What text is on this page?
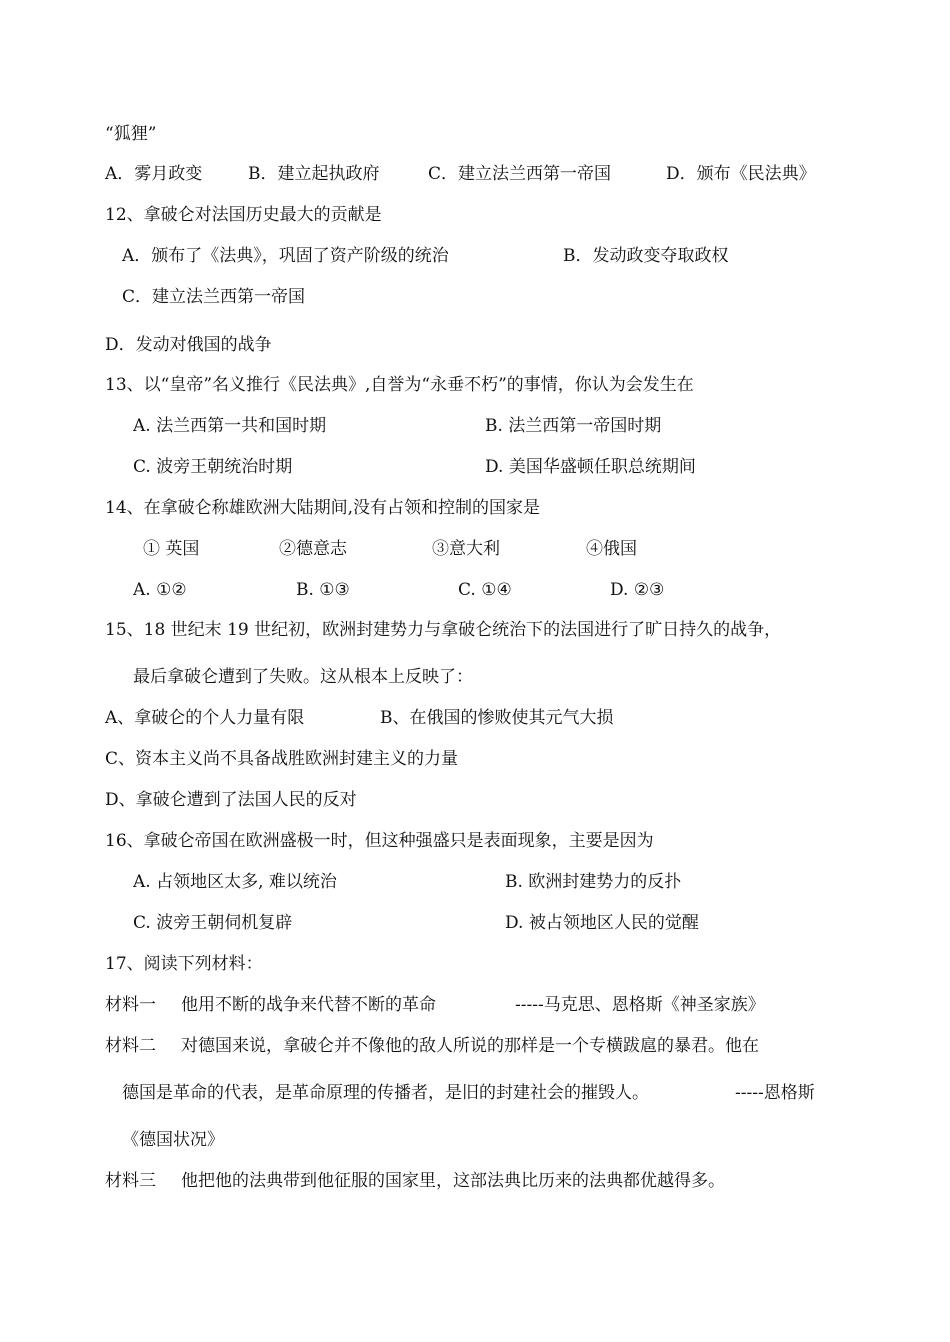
“狐狸”
A．雾月政变	B．建立起执政府	C．建立法兰西第一帝国	D．颁布《民法典》
12、拿破仑对法国历史最大的贡献是
A．颁布了《法典》，巩固了资产阶级的统治	B．发动政变夺取政权
C．建立法兰西第一帝国
D．发动对俄国的战争
13、以“皇帝”名义推行《民法典》,自誉为“永垂不朽”的事情，你认为会发生在
A. 法兰西第一共和国时期	B. 法兰西第一帝国时期
C. 波旁王朝统治时期	D. 美国华盛顿任职总统期间
14、在拿破仑称雄欧洲大陆期间,没有占领和控制的国家是
① 英国	②德意志	③意大利	④俄国
A. ①②	B. ①③	C. ①④	D. ②③
15、18 世纪末 19 世纪初，欧洲封建势力与拿破仑统治下的法国进行了旷日持久的战争，
最后拿破仑遭到了失败。这从根本上反映了：
A、拿破仑的个人力量有限	B、在俄国的惨败使其元气大损
C、资本主义尚不具备战胜欧洲封建主义的力量
D、拿破仑遭到了法国人民的反对
16、拿破仑帝国在欧洲盛极一时，但这种强盛只是表面现象，主要是因为
A. 占领地区太多, 难以统治	B. 欧洲封建势力的反扑
C. 波旁王朝伺机复辟	D. 被占领地区人民的觉醒
17、阅读下列材料：
材料一 他用不断的战争来代替不断的革命	-----马克思、恩格斯《神圣家族》
材料二 对德国来说，拿破仑并不像他的敌人所说的那样是一个专横跋扈的暴君。他在
德国是革命的代表，是革命原理的传播者，是旧的封建社会的摧毁人。	-----恩格斯
《德国状况》
材料三 他把他的法典带到他征服的国家里，这部法典比历来的法典都优越得多。
